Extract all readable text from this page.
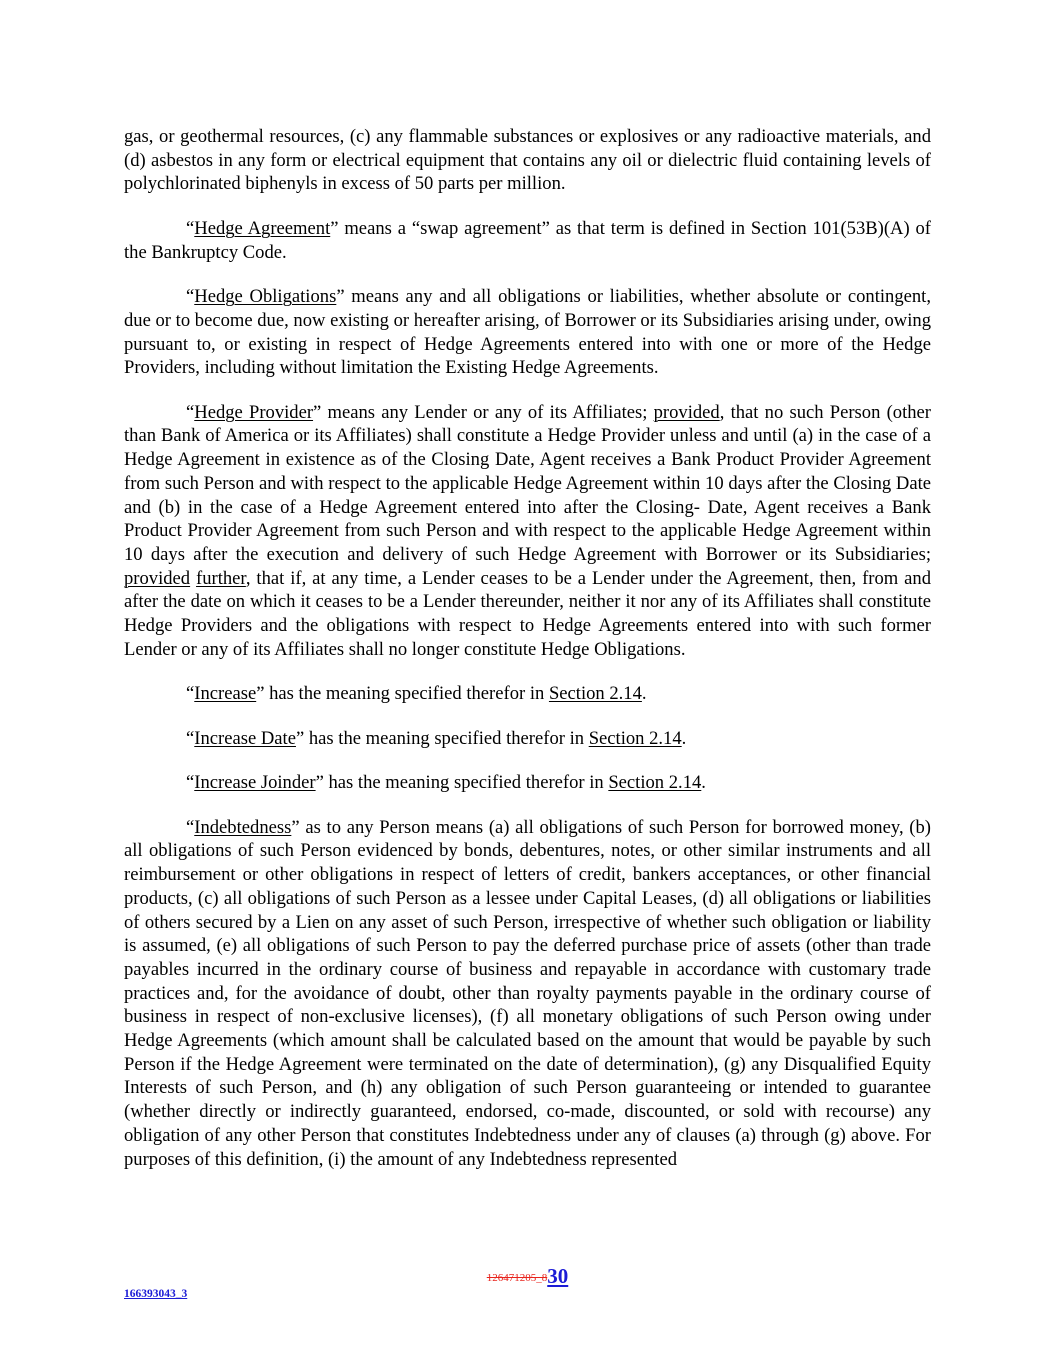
gas, or geothermal resources, (c) any flammable substances or explosives or any radioactive materials, and (d) asbestos in any form or electrical equipment that contains any oil or dielectric fluid containing levels of polychlorinated biphenyls in excess of 50 parts per million.

“Hedge Agreement” means a “swap agreement” as that term is defined in Section 101(53B)(A) of the Bankruptcy Code.

“Hedge Obligations” means any and all obligations or liabilities, whether absolute or contingent, due or to become due, now existing or hereafter arising, of Borrower or its Subsidiaries arising under, owing pursuant to, or existing in respect of Hedge Agreements entered into with one or more of the Hedge Providers, including without limitation the Existing Hedge Agreements.

“Hedge Provider” means any Lender or any of its Affiliates; provided, that no such Person (other than Bank of America or its Affiliates) shall constitute a Hedge Provider unless and until (a) in the case of a Hedge Agreement in existence as of the Closing Date, Agent receives a Bank Product Provider Agreement from such Person and with respect to the applicable Hedge Agreement within 10 days after the Closing Date and (b) in the case of a Hedge Agreement entered into after the Closing- Date, Agent receives a Bank Product Provider Agreement from such Person and with respect to the applicable Hedge Agreement within 10 days after the execution and delivery of such Hedge Agreement with Borrower or its Subsidiaries; provided further, that if, at any time, a Lender ceases to be a Lender under the Agreement, then, from and after the date on which it ceases to be a Lender thereunder, neither it nor any of its Affiliates shall constitute Hedge Providers and the obligations with respect to Hedge Agreements entered into with such former Lender or any of its Affiliates shall no longer constitute Hedge Obligations.

“Increase” has the meaning specified therefor in Section 2.14.

“Increase Date” has the meaning specified therefor in Section 2.14.

“Increase Joinder” has the meaning specified therefor in Section 2.14.

“Indebtedness” as to any Person means (a) all obligations of such Person for borrowed money, (b) all obligations of such Person evidenced by bonds, debentures, notes, or other similar instruments and all reimbursement or other obligations in respect of letters of credit, bankers acceptances, or other financial products, (c) all obligations of such Person as a lessee under Capital Leases, (d) all obligations or liabilities of others secured by a Lien on any asset of such Person, irrespective of whether such obligation or liability is assumed, (e) all obligations of such Person to pay the deferred purchase price of assets (other than trade payables incurred in the ordinary course of business and repayable in accordance with customary trade practices and, for the avoidance of doubt, other than royalty payments payable in the ordinary course of business in respect of non-exclusive licenses), (f) all monetary obligations of such Person owing under Hedge Agreements (which amount shall be calculated based on the amount that would be payable by such Person if the Hedge Agreement were terminated on the date of determination), (g) any Disqualified Equity Interests of such Person, and (h) any obligation of such Person guaranteeing or intended to guarantee (whether directly or indirectly guaranteed, endorsed, co-made, discounted, or sold with recourse) any obligation of any other Person that constitutes Indebtedness under any of clauses (a) through (g) above. For purposes of this definition, (i) the amount of any Indebtedness represented

126471205_830
166393043_3
